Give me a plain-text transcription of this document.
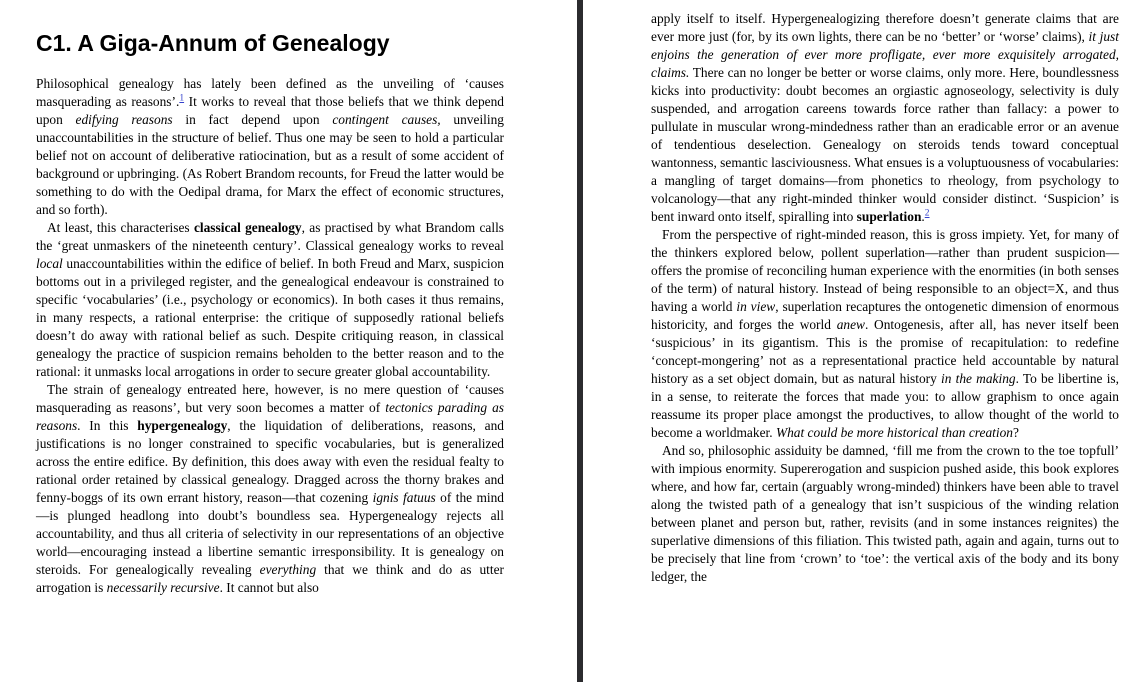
C1. A Giga-Annum of Genealogy

Philosophical genealogy has lately been defined as the unveiling of ‘causes masquerading as reasons’.$^1$ It works to reveal that those beliefs that we think depend upon edifying reasons in fact depend upon contingent causes, unveiling unaccountabilities in the structure of belief. Thus one may be seen to hold a particular belief not on account of deliberative ratiocination, but as a result of some accident of background or upbringing. (As Robert Brandom recounts, for Freud the latter would be something to do with the Oedipal drama, for Marx the effect of economic structures, and so forth).

At least, this characterises classical genealogy, as practised by what Brandom calls the ‘great unmaskers of the nineteenth century’. Classical genealogy works to reveal local unaccountabilities within the edifice of belief. In both Freud and Marx, suspicion bottoms out in a privileged register, and the genealogical endeavour is constrained to specific ‘vocabularies’ (i.e., psychology or economics). In both cases it thus remains, in many respects, a rational enterprise: the critique of supposedly rational beliefs doesn’t do away with rational belief as such. Despite critiquing reason, in classical genealogy the practice of suspicion remains beholden to the better reason and to the rational: it unmasks local arrogations in order to secure greater global accountability.

The strain of genealogy entreated here, however, is no mere question of ‘causes masquerading as reasons’, but very soon becomes a matter of tectonics parading as reasons. In this hypergenealogy, the liquidation of deliberations, reasons, and justifications is no longer constrained to specific vocabularies, but is generalized across the entire edifice. By definition, this does away with even the residual fealty to rational order retained by classical genealogy. Dragged across the thorny brakes and fenny-boggs of its own errant history, reason—that cozening ignis fatuus of the mind—is plunged headlong into doubt’s boundless sea. Hypergenealogy rejects all accountability, and thus all criteria of selectivity in our representations of an objective world—encouraging instead a libertine semantic irresponsibility. It is genealogy on steroids. For genealogically revealing everything that we think and do as utter arrogation is necessarily recursive. It cannot but also

apply itself to itself. Hypergenealogizing therefore doesn’t generate claims that are ever more just (for, by its own lights, there can be no ‘better’ or ‘worse’ claims), it just enjoins the generation of ever more profligate, ever more exquisitely arrogated, claims. There can no longer be better or worse claims, only more. Here, boundlessness kicks into productivity: doubt becomes an orgiastic agnoseology, selectivity is duly suspended, and arrogation careens towards force rather than fallacy: a power to pullulate in muscular wrong-mindedness rather than an eradicable error or an avenue of tendentious deselection. Genealogy on steroids tends toward conceptual wantonness, semantic lasciviousness. What ensues is a voluptuousness of vocabularies: a mangling of target domains—from phonetics to rheology, from psychology to volcanology—that any right-minded thinker would consider distinct. ‘Suspicion’ is bent inward onto itself, spiralling into superlation.$^2$

From the perspective of right-minded reason, this is gross impiety. Yet, for many of the thinkers explored below, pollent superlation—rather than prudent suspicion—offers the promise of reconciling human experience with the enormities (in both senses of the term) of natural history. Instead of being responsible to an object=X, and thus having a world in view, superlation recaptures the ontogenetic dimension of enormous historicity, and forges the world anew. Ontogenesis, after all, has never itself been ‘suspicious’ in its gigantism. This is the promise of recapitulation: to redefine ‘concept-mongering’ not as a representational practice held accountable by natural history as a set object domain, but as natural history in the making. To be libertine is, in a sense, to reiterate the forces that made you: to allow graphism to once again reassume its proper place amongst the productives, to allow thought of the world to become a worldmaker. What could be more historical than creation?

And so, philosophic assiduity be damned, ‘fill me from the crown to the toe topfull’ with impious enormity. Supererogation and suspicion pushed aside, this book explores where, and how far, certain (arguably wrong-minded) thinkers have been able to travel along the twisted path of a genealogy that isn’t suspicious of the winding relation between planet and person but, rather, revisits (and in some instances reignites) the superlative dimensions of this filiation. This twisted path, again and again, turns out to be precisely that line from ‘crown’ to ‘toe’: the vertical axis of the body and its bony ledger, the
